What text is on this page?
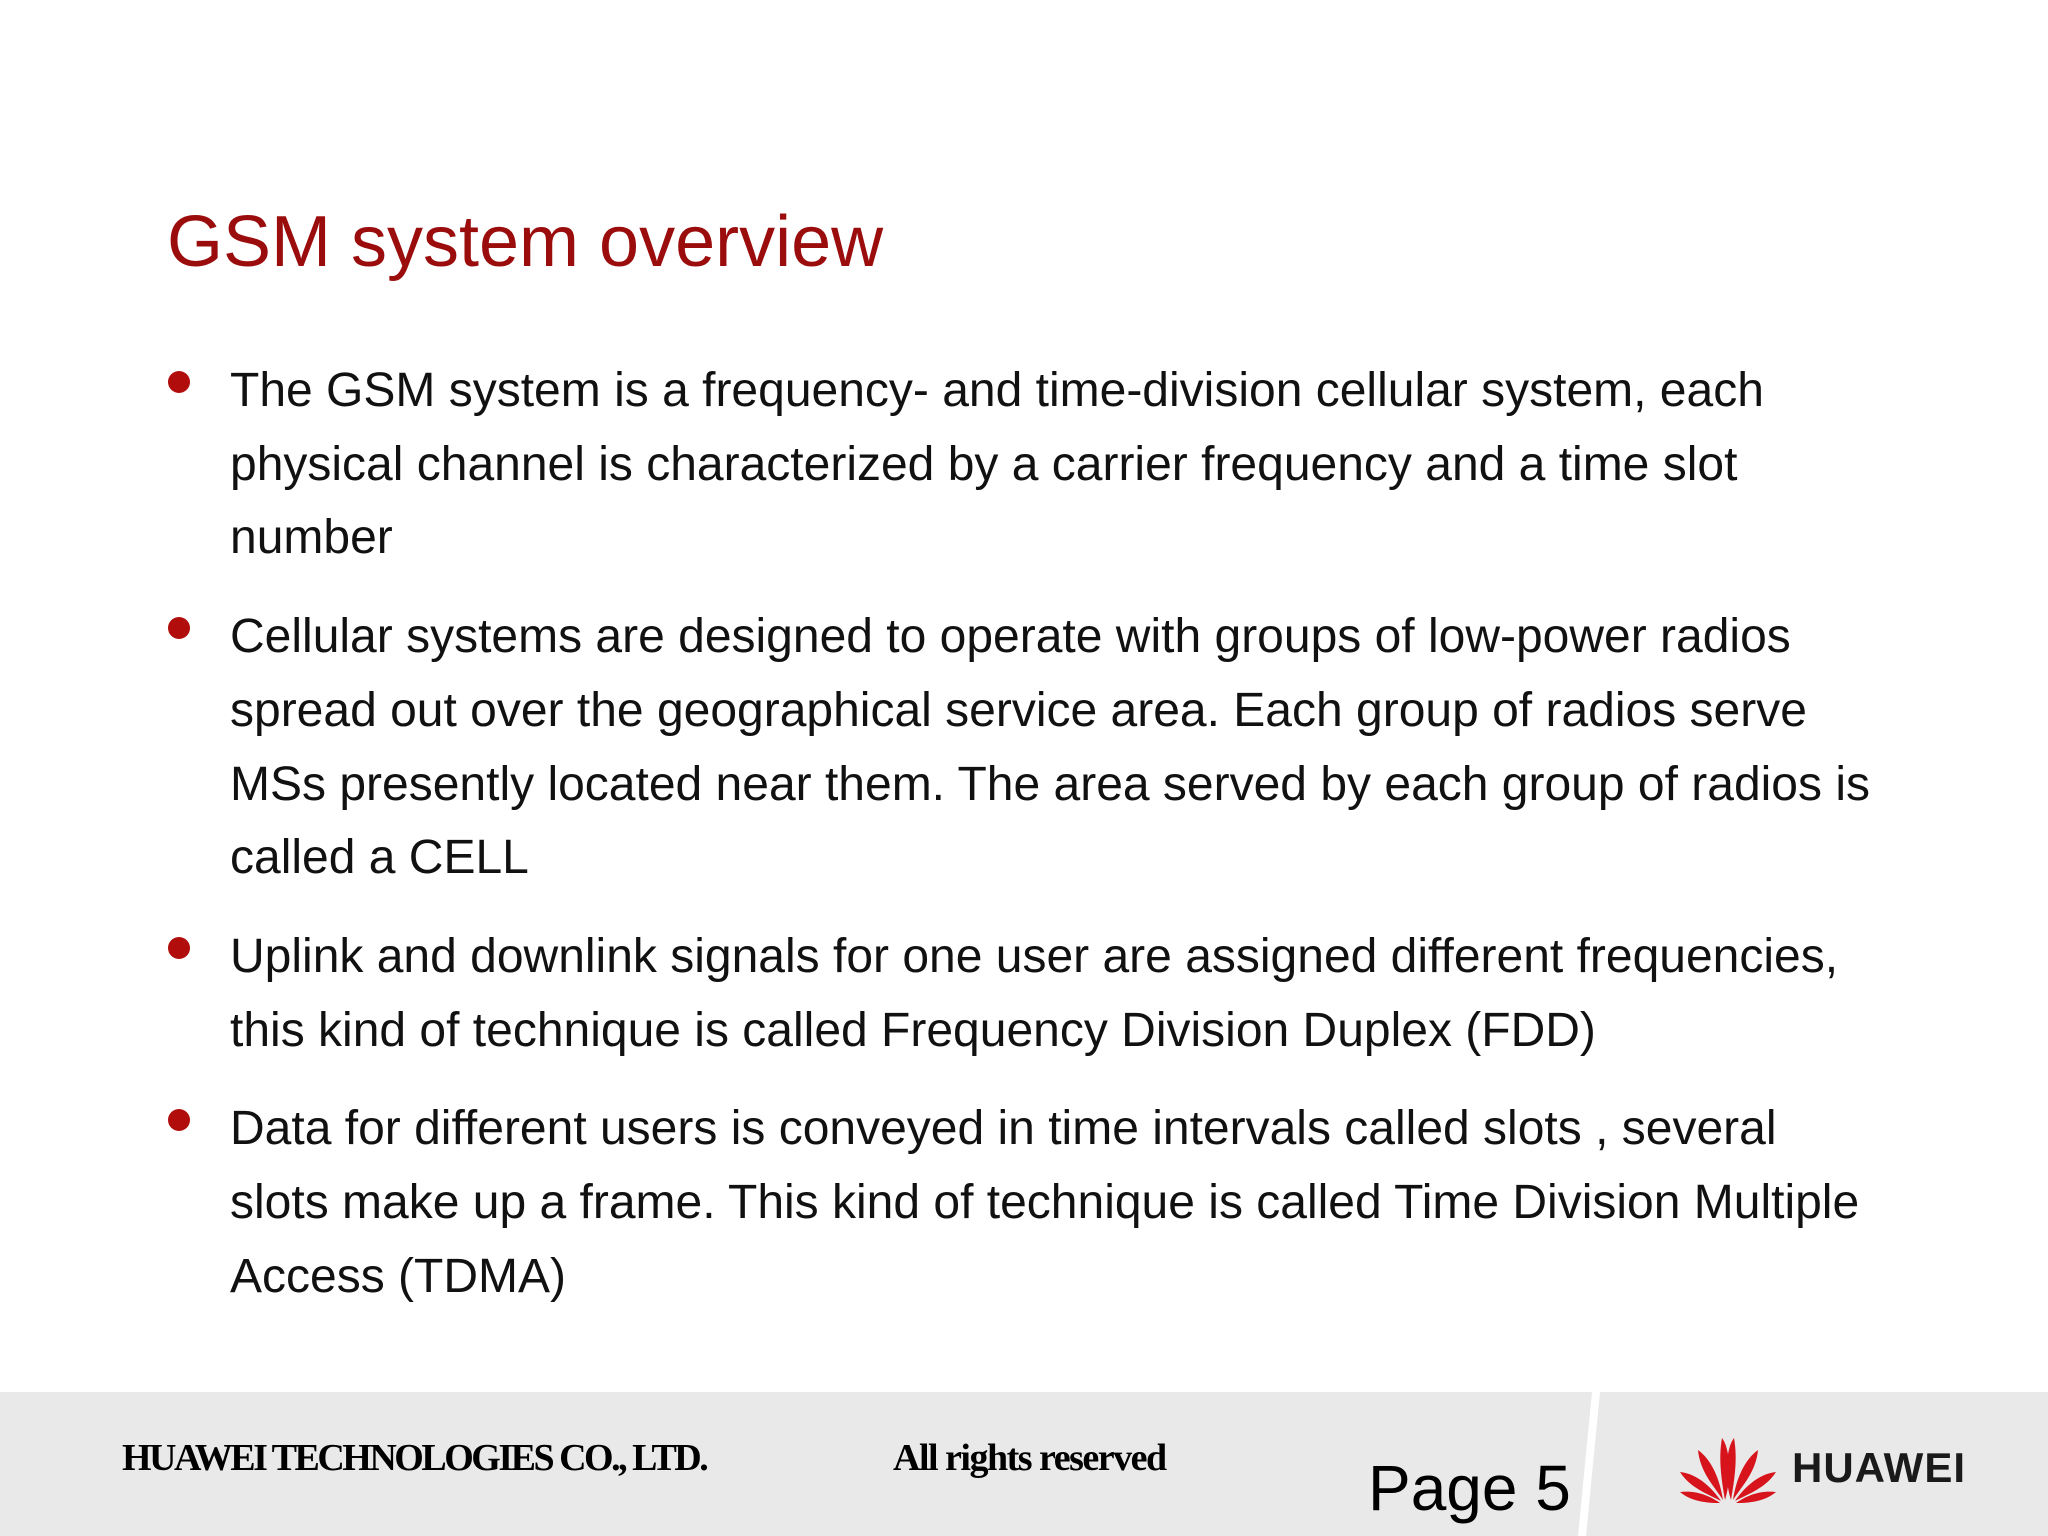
GSM system overview
The GSM system is a frequency- and time-division cellular system, each physical channel is characterized by a carrier frequency and a time slot number
Cellular systems are designed to operate with groups of low-power radios spread out over the geographical service area. Each group of radios serve MSs presently located near them. The area served by each group of radios is called a CELL
Uplink and downlink signals for one user are assigned different frequencies, this kind of technique is called Frequency Division Duplex (FDD)
Data for different users is conveyed in time intervals called slots , several slots make up a frame. This kind of technique is called Time Division Multiple Access (TDMA)
HUAWEI TECHNOLOGIES CO., LTD.	All rights reserved	Page 5	HUAWEI
